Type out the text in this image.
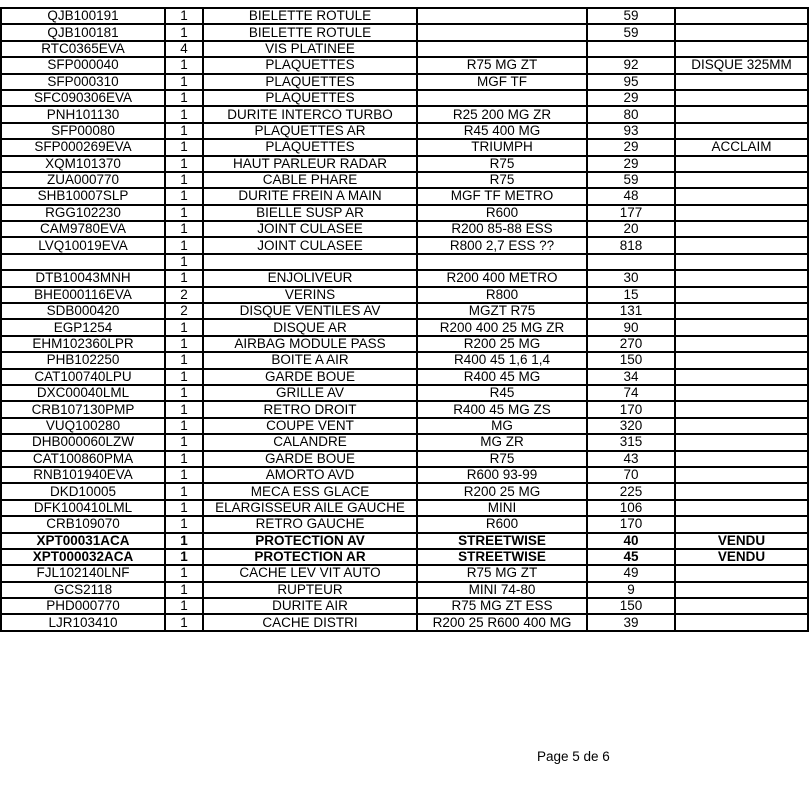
QJB100191	1	BIELETTE ROTULE		59	
QJB100181	1	BIELETTE ROTULE		59	
RTC0365EVA	4	VIS PLATINEE			
SFP000040	1	PLAQUETTES	R75 MG ZT	92	DISQUE 325MM
SFP000310	1	PLAQUETTES	MGF TF	95	
SFC090306EVA	1	PLAQUETTES		29	
PNH101130	1	DURITE INTERCO TURBO	R25 200 MG ZR	80	
SFP00080	1	PLAQUETTES AR	R45 400 MG	93	
SFP000269EVA	1	PLAQUETTES	TRIUMPH	29	ACCLAIM
XQM101370	1	HAUT PARLEUR RADAR	R75	29	
ZUA000770	1	CABLE PHARE	R75	59	
SHB10007SLP	1	DURITE FREIN A MAIN	MGF TF METRO	48	
RGG102230	1	BIELLE SUSP AR	R600	177	
CAM9780EVA	1	JOINT CULASEE	R200 85-88 ESS	20	
LVQ10019EVA	1	JOINT CULASEE	R800 2,7 ESS ??	818	
	1				
DTB10043MNH	1	ENJOLIVEUR	R200 400 METRO	30	
BHE000116EVA	2	VERINS	R800	15	
SDB000420	2	DISQUE VENTILES AV	MGZT R75	131	
EGP1254	1	DISQUE AR	R200 400 25 MG ZR	90	
EHM102360LPR	1	AIRBAG MODULE PASS	R200 25 MG	270	
PHB102250	1	BOITE A AIR	R400 45 1,6 1,4	150	
CAT100740LPU	1	GARDE BOUE	R400 45 MG	34	
DXC00040LML	1	GRILLE AV	R45	74	
CRB107130PMP	1	RETRO DROIT	R400 45 MG ZS	170	
VUQ100280	1	COUPE VENT	MG	320	
DHB000060LZW	1	CALANDRE	MG ZR	315	
CAT100860PMA	1	GARDE BOUE	R75	43	
RNB101940EVA	1	AMORTO AVD	R600 93-99	70	
DKD10005	1	MECA ESS GLACE	R200 25 MG	225	
DFK100410LML	1	ELARGISSEUR AILE GAUCHE	MINI	106	
CRB109070	1	RETRO GAUCHE	R600	170	
XPT00031ACA	1	PROTECTION AV	STREETWISE	40	VENDU
XPT000032ACA	1	PROTECTION AR	STREETWISE	45	VENDU
FJL102140LNF	1	CACHE LEV VIT AUTO	R75 MG ZT	49	
GCS2118	1	RUPTEUR	MINI 74-80	9	
PHD000770	1	DURITE AIR	R75 MG ZT ESS	150	
LJR103410	1	CACHE DISTRI	R200 25 R600 400 MG	39	
Page 5 de 6
